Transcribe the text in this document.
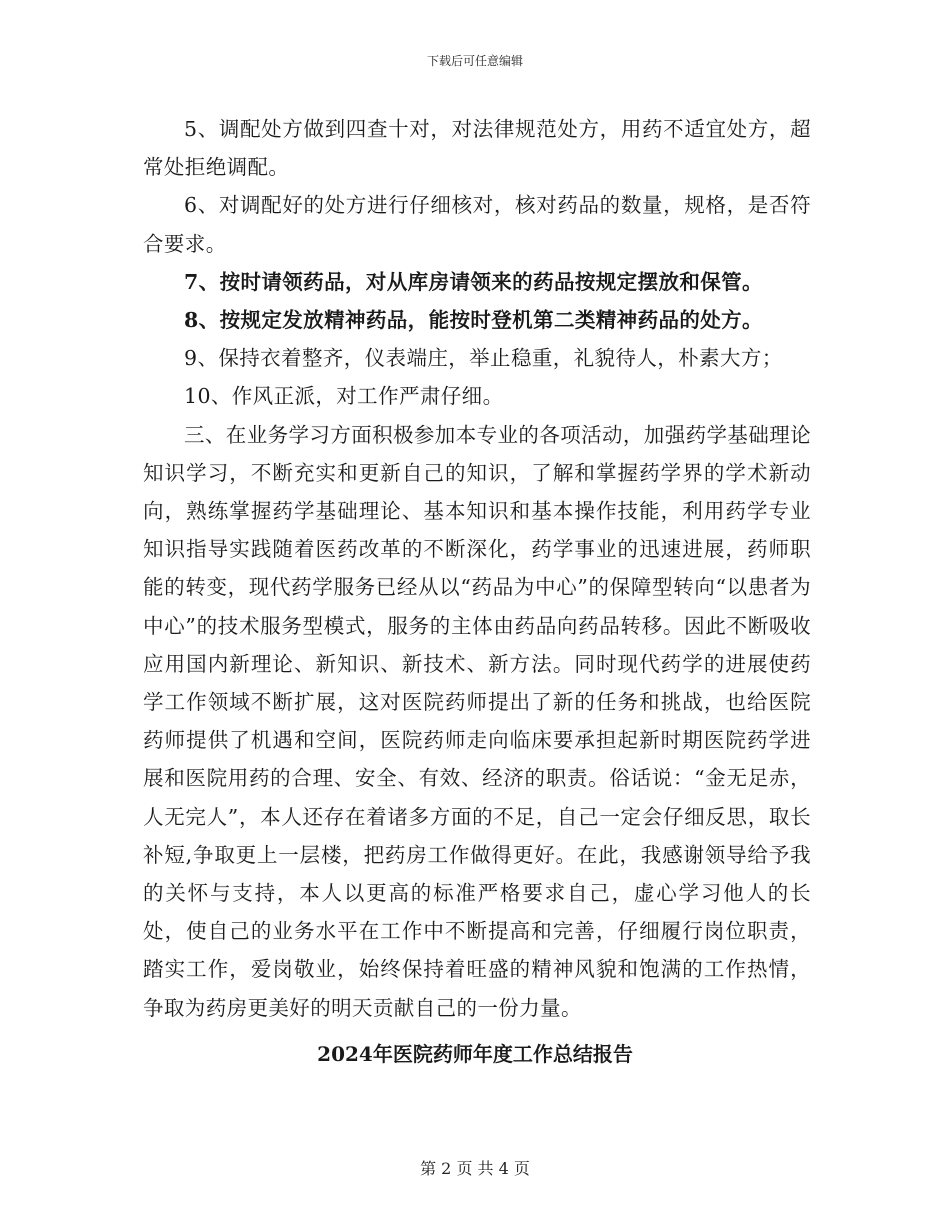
下载后可任意编辑

5、调配处方做到四查十对，对法律规范处方，用药不适宜处方，超常处拒绝调配。

6、对调配好的处方进行仔细核对，核对药品的数量，规格，是否符合要求。

7、按时请领药品，对从库房请领来的药品按规定摆放和保管。

8、按规定发放精神药品，能按时登机第二类精神药品的处方。

9、保持衣着整齐，仪表端庄，举止稳重，礼貌待人，朴素大方；

10、作风正派，对工作严肃仔细。

三、在业务学习方面积极参加本专业的各项活动，加强药学基础理论知识学习，不断充实和更新自己的知识，了解和掌握药学界的学术新动向，熟练掌握药学基础理论、基本知识和基本操作技能，利用药学专业知识指导实践随着医药改革的不断深化，药学事业的迅速进展，药师职能的转变，现代药学服务已经从以“药品为中心”的保障型转向“以患者为中心”的技术服务型模式，服务的主体由药品向药品转移。因此不断吸收应用国内新理论、新知识、新技术、新方法。同时现代药学的进展使药学工作领域不断扩展，这对医院药师提出了新的任务和挑战，也给医院药师提供了机遇和空间，医院药师走向临床要承担起新时期医院药学进展和医院用药的合理、安全、有效、经济的职责。俗话说：“金无足赤，人无完人”，本人还存在着诸多方面的不足，自己一定会仔细反思，取长补短,争取更上一层楼，把药房工作做得更好。在此，我感谢领导给予我的关怀与支持，本人以更高的标准严格要求自己，虚心学习他人的长处，使自己的业务水平在工作中不断提高和完善，仔细履行岗位职责，踏实工作，爱岗敬业，始终保持着旺盛的精神风貌和饱满的工作热情，争取为药房更美好的明天贡献自己的一份力量。

2024年医院药师年度工作总结报告
第 2 页 共 4 页
